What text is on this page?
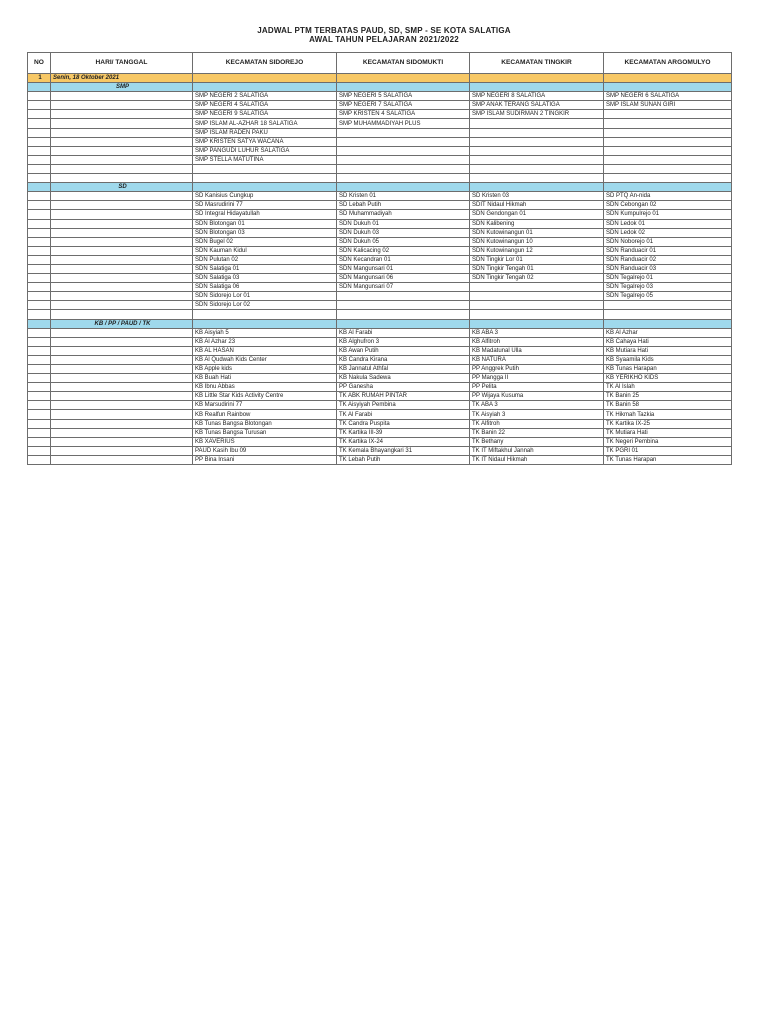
JADWAL PTM TERBATAS PAUD, SD, SMP - SE KOTA SALATIGA
AWAL TAHUN PELAJARAN 2021/2022
NO	HARI/ TANGGAL	KECAMATAN SIDOREJO	KECAMATAN SIDOMUKTI	KECAMATAN TINGKIR	KECAMATAN ARGOMULYO
1	Senin, 18 Oktober 2021				
	SMP				
		SMP NEGERI 2 SALATIGA	SMP NEGERI 5 SALATIGA	SMP NEGERI 8 SALATIGA	SMP NEGERI 6 SALATIGA
		SMP NEGERI 4 SALATIGA	SMP NEGERI 7 SALATIGA	SMP ANAK TERANG SALATIGA	SMP ISLAM SUNAN GIRI
		SMP NEGERI 9 SALATIGA	SMP KRISTEN 4 SALATIGA	SMP ISLAM SUDIRMAN 2 TINGKIR	
		SMP ISLAM AL-AZHAR 18 SALATIGA	SMP MUHAMMADIYAH PLUS		
		SMP ISLAM RADEN PAKU			
		SMP KRISTEN SATYA WACANA			
		SMP PANGUDI LUHUR SALATIGA			
		SMP STELLA MATUTINA			

	SD				
		SD Kanisius Cungkup	SD Kristen 01	SD Kristen 03	SD PTQ An-nida
		SD Masrudirini 77	SD Lebah Putih	SDIT Nidaul Hikmah	SDN Cebongan 02
		SD Integral Hidayatullah	SD Muhammadiyah	SDN Gendongan 01	SDN Kumpulrejo 01
		SDN Blotongan 01	SDN Dukuh 01	SDN Kalibening	SDN Ledok 01
		SDN Blotongan 03	SDN Dukuh 03	SDN Kutowinangun 01	SDN Ledok 02
		SDN Bugel 02	SDN Dukuh 05	SDN Kutowinangun 10	SDN Noborejo 01
		SDN Kauman Kidul	SDN Kalicacing 02	SDN Kutowinangun 12	SDN Randuacir 01
		SDN Pulutan 02	SDN Kecandran 01	SDN Tingkir Lor 01	SDN Randuacir 02
		SDN Salatiga 01	SDN Mangunsari 01	SDN Tingkir Tengah 01	SDN Randuacir 03
		SDN Salatiga 03	SDN Mangunsari 06	SDN Tingkir Tengah 02	SDN Tegalrejo 01
		SDN Salatiga 06	SDN Mangunsari 07		SDN Tegalrejo 03
		SDN Sidorejo Lor 01			SDN Tegalrejo 05
		SDN Sidorejo Lor 02			

	KB / PP / PAUD / TK				
		KB Aisyiah 5	KB Al Farabi	KB ABA 3	KB Al Azhar
		KB Al Azhar 23	KB Alghufron 3	KB Alfitroh	KB Cahaya Hati
		KB AL HASAN	KB Awan Putih	KB Madatunal Ulla	KB Mutiara Hati
		KB Al Qudwah Kids Center	KB Candra Kirana	KB NATURA	KB Syaamila Kids
		KB Apple kids	KB Jannatul Athfal	PP Anggrek Putih	KB Tunas Harapan
		KB Buah Hati	KB Nakula Sadewa	PP Mangga II	KB YERIKHO KIDS
		KB Ibnu Abbas	PP Ganesha	PP Pelita	TK Al Islah
		KB Little Star Kids Activity Centre	TK ABK RUMAH PINTAR	PP Wijaya Kusuma	TK Banin 25
		KB Marsudirini 77	TK Aisyiyah Pembina	TK ABA 3	TK Banin 58
		KB Realfun Rainbow	TK Al Farabi	TK Aisyiah 3	TK Hikmah Tazkia
		KB Tunas Bangsa Blotongan	TK Candra Puspita	TK Alfitroh	TK Kartika IX-25
		KB Tunas Bangsa Turusan	TK Kartika III-39	TK Banin 22	TK Mutiara Hati
		KB XAVERIUS	TK Kartika IX-24	TK Bethany	TK Negeri Pembina
		PAUD Kasih Ibu 09	TK Kemala Bhayangkari 31	TK IT Miftakhul Jannah	TK PGRI 01
		PP Bina Insani	TK Lebah Putih	TK IT Nidaul Hikmah	TK Tunas Harapan
